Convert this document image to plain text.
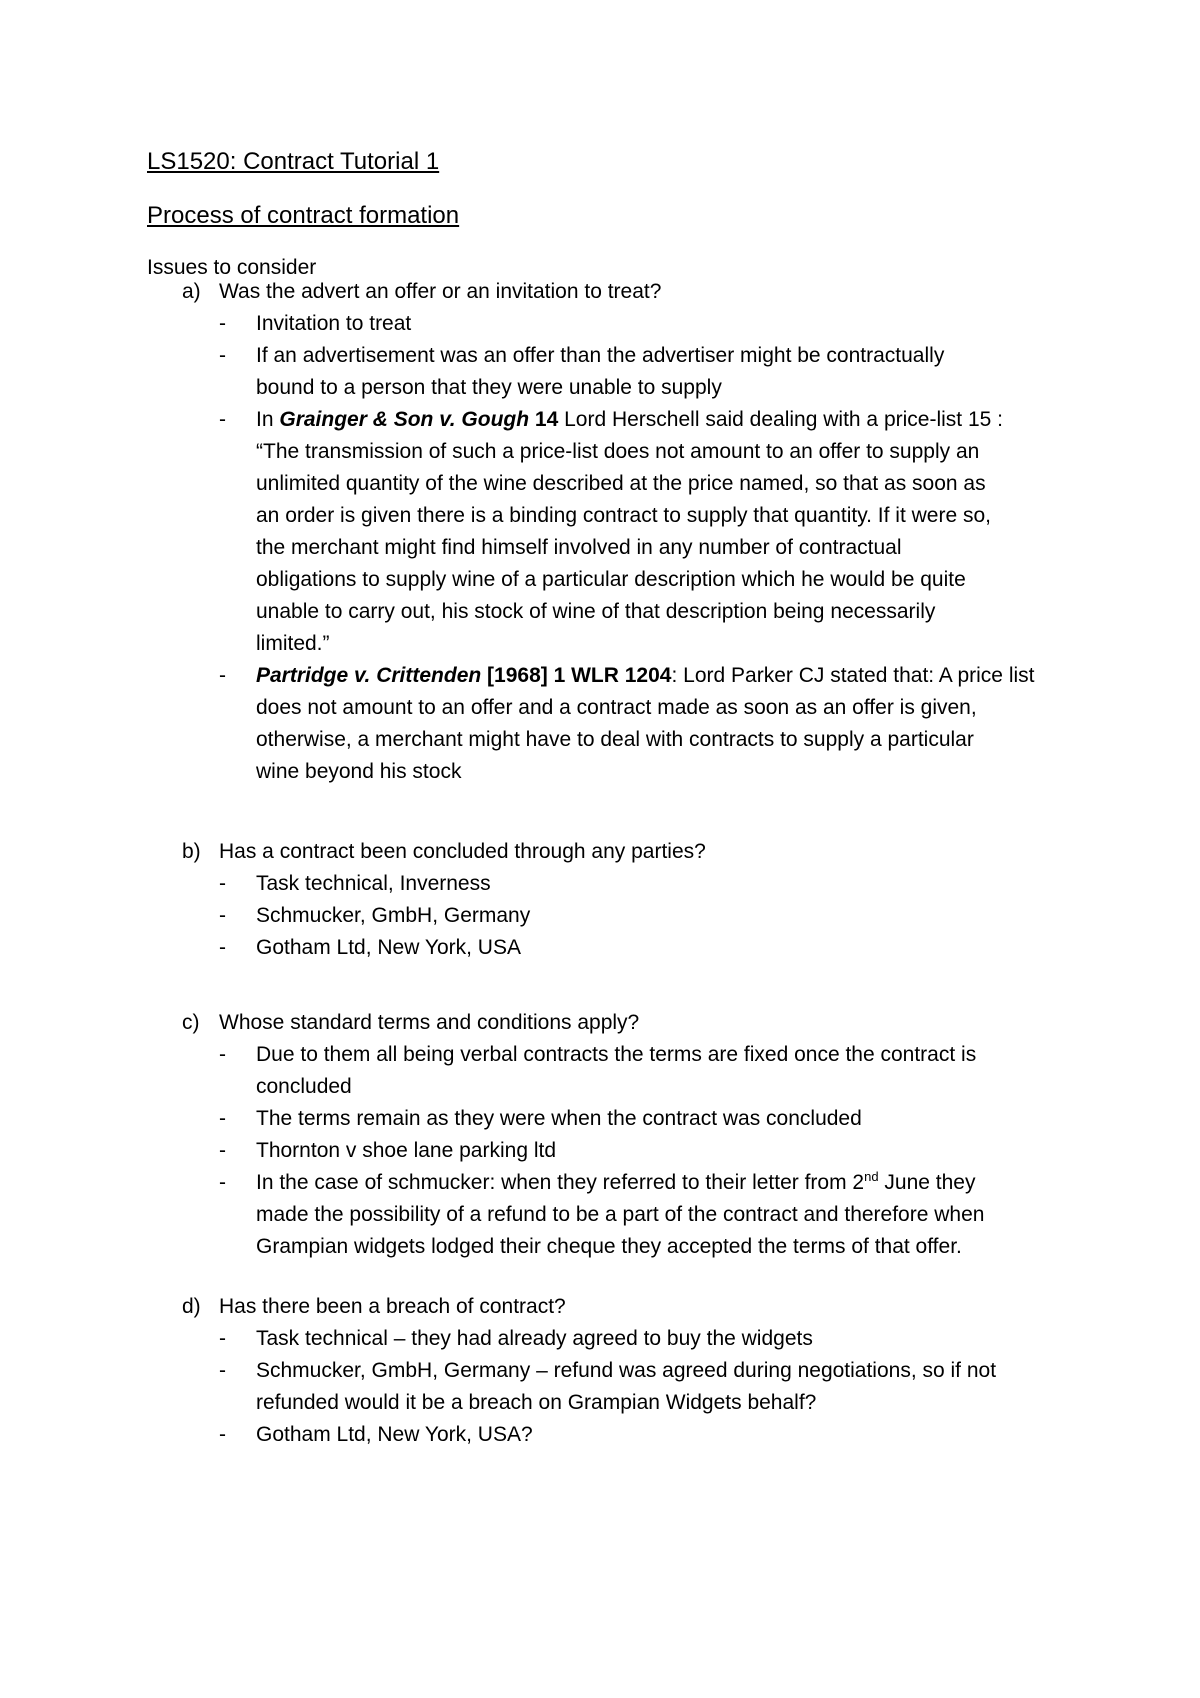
LS1520: Contract Tutorial 1
Process of contract formation
Issues to consider
a) Was the advert an offer or an invitation to treat?
- Invitation to treat
- If an advertisement was an offer than the advertiser might be contractually
bound to a person that they were unable to supply
- In Grainger & Son v. Gough 14 Lord Herschell said dealing with a price-list 15 :
“The transmission of such a price-list does not amount to an offer to supply an
unlimited quantity of the wine described at the price named, so that as soon as
an order is given there is a binding contract to supply that quantity. If it were so,
the merchant might find himself involved in any number of contractual
obligations to supply wine of a particular description which he would be quite
unable to carry out, his stock of wine of that description being necessarily
limited.”
- Partridge v. Crittenden [1968] 1 WLR 1204: Lord Parker CJ stated that: A price list
does not amount to an offer and a contract made as soon as an offer is given,
otherwise, a merchant might have to deal with contracts to supply a particular
wine beyond his stock
b) Has a contract been concluded through any parties?
- Task technical, Inverness
- Schmucker, GmbH, Germany
- Gotham Ltd, New York, USA
c) Whose standard terms and conditions apply?
- Due to them all being verbal contracts the terms are fixed once the contract is
concluded
- The terms remain as they were when the contract was concluded
- Thornton v shoe lane parking ltd
- In the case of schmucker: when they referred to their letter from 2nd June they
made the possibility of a refund to be a part of the contract and therefore when
Grampian widgets lodged their cheque they accepted the terms of that offer.
d) Has there been a breach of contract?
- Task technical – they had already agreed to buy the widgets
- Schmucker, GmbH, Germany – refund was agreed during negotiations, so if not
refunded would it be a breach on Grampian Widgets behalf?
- Gotham Ltd, New York, USA?
